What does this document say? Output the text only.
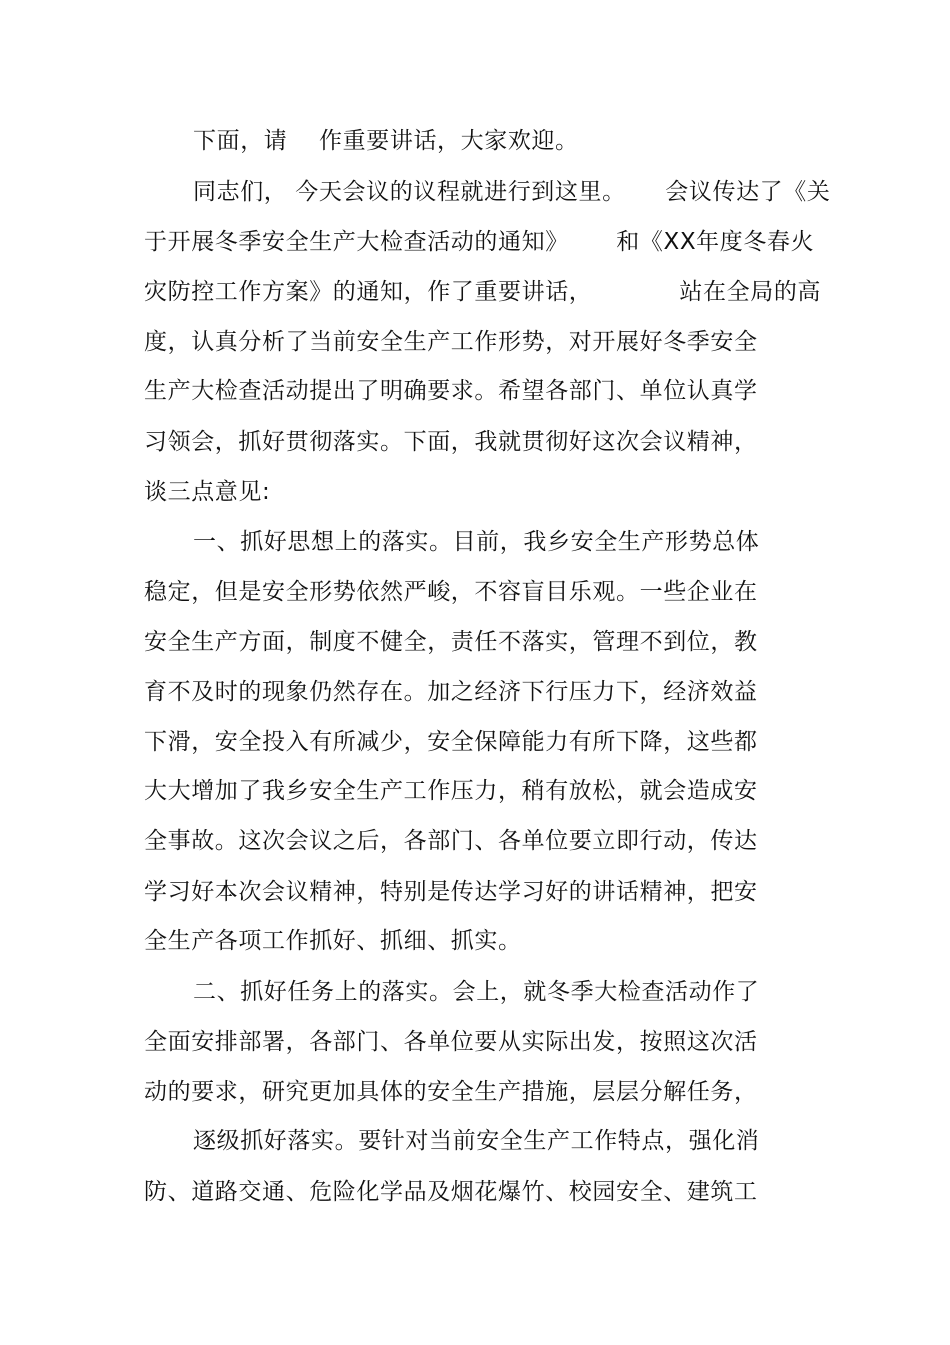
下面，请    作重要讲话，大家欢迎。
同志们， 今天会议的议程就进行到这里。     会议传达了《关
于开展冬季安全生产大检查活动的通知》      和《XX年度冬春火
灾防控工作方案》的通知，作了重要讲话，           站在全局的高
度，认真分析了当前安全生产工作形势，对开展好冬季安全
生产大检查活动提出了明确要求。希望各部门、单位认真学
习领会，抓好贯彻落实。下面，我就贯彻好这次会议精神，
谈三点意见:
一、抓好思想上的落实。目前，我乡安全生产形势总体
稳定，但是安全形势依然严峻，不容盲目乐观。一些企业在
安全生产方面，制度不健全，责任不落实，管理不到位，教
育不及时的现象仍然存在。加之经济下行压力下，经济效益
下滑，安全投入有所减少，安全保障能力有所下降，这些都
大大增加了我乡安全生产工作压力，稍有放松，就会造成安
全事故。这次会议之后，各部门、各单位要立即行动，传达
学习好本次会议精神，特别是传达学习好的讲话精神，把安
全生产各项工作抓好、抓细、抓实。
二、抓好任务上的落实。会上，就冬季大检查活动作了
全面安排部署，各部门、各单位要从实际出发，按照这次活
动的要求，研究更加具体的安全生产措施，层层分解任务，
逐级抓好落实。要针对当前安全生产工作特点，强化消
防、道路交通、危险化学品及烟花爆竹、校园安全、建筑工
